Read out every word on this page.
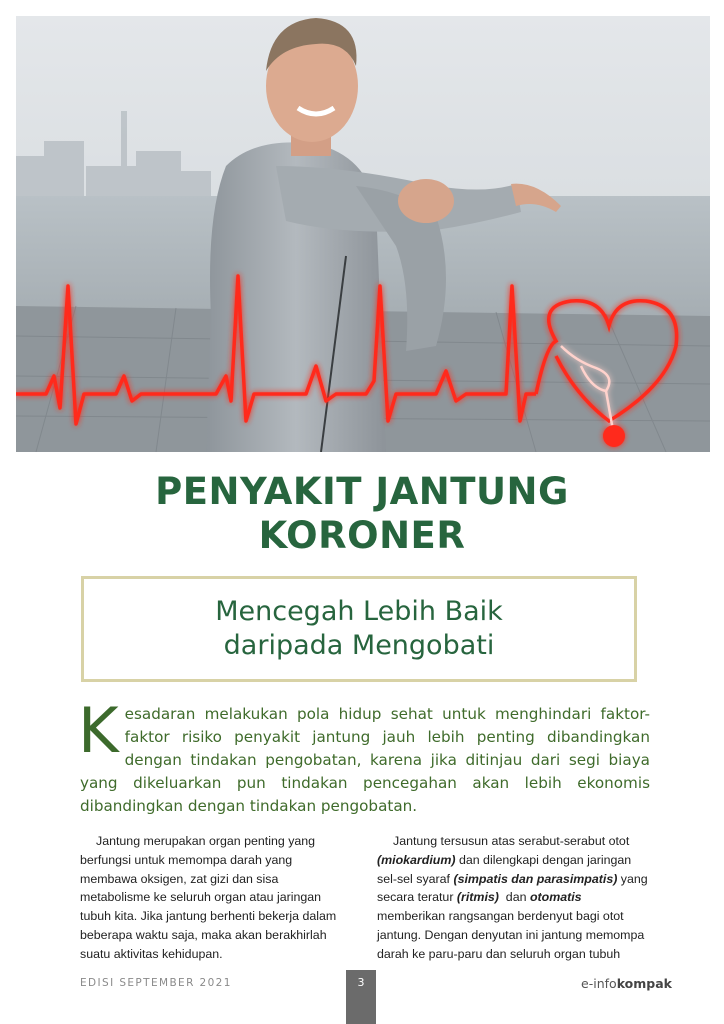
PENYAKIT JANTUNG
KORONER
Mencegah Lebih Baik
daripada Mengobati

Kesadaran melakukan pola hidup sehat untuk menghindari faktor-faktor risiko penyakit jantung jauh lebih penting dibandingkan dengan tindakan pengobatan, karena jika ditinjau dari segi biaya yang dikeluarkan pun tindakan pencegahan akan lebih ekonomis dibandingkan dengan tindakan pengobatan.

Jantung merupakan organ penting yang berfungsi untuk memompa darah yang membawa oksigen, zat gizi dan sisa metabolisme ke seluruh organ atau jaringan tubuh kita. Jika jantung berhenti bekerja dalam beberapa waktu saja, maka akan berakhirlah suatu aktivitas kehidupan.

Jantung tersusun atas serabut-serabut otot (miokardium) dan dilengkapi dengan jaringan sel-sel syaraf (simpatis dan parasimpatis) yang secara teratur (ritmis) dan otomatis memberikan rangsangan berdenyut bagi otot jantung. Dengan denyutan ini jantung memompa darah ke paru-paru dan seluruh organ tubuh

EDISI SEPTEMBER 2021	3	e-infokompak
